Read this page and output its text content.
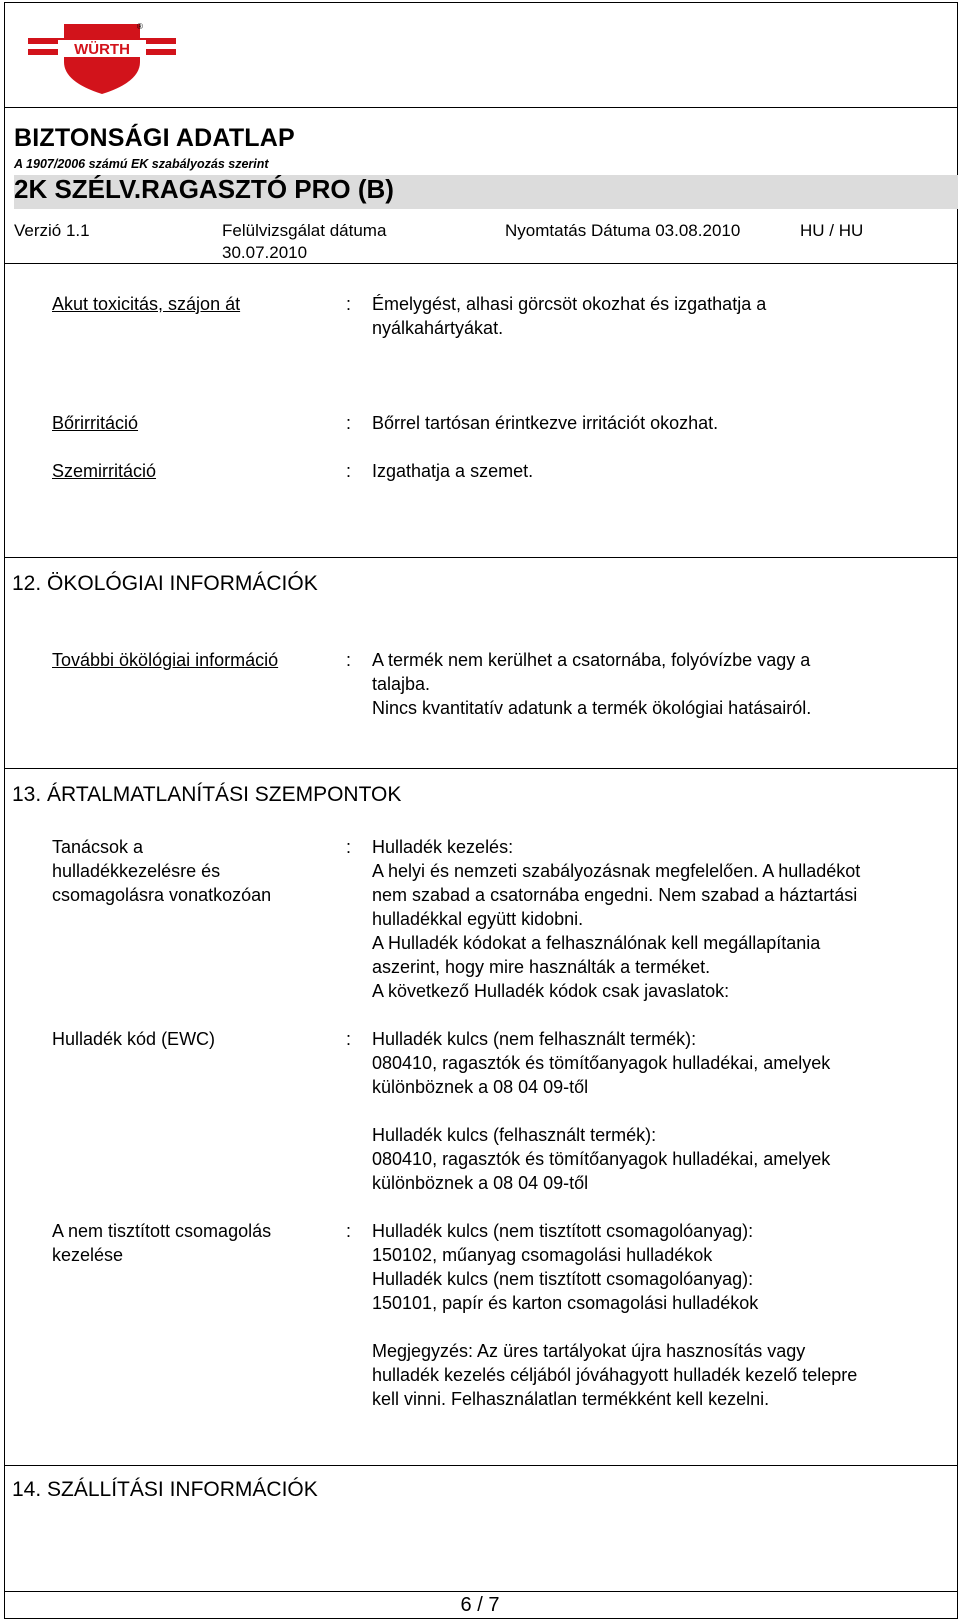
WÜRTH
®
BIZTONSÁGI ADATLAP
A 1907/2006 számú EK szabályozás szerint
2K SZÉLV.RAGASZTÓ PRO (B)
Verzió 1.1	Felülvizsgálat dátuma
30.07.2010
Nyomtatás Dátuma 03.08.2010	HU / HU
Akut toxicitás, szájon át	: Émelygést, alhasi görcsöt okozhat és izgathatja a
nyálkahártyákat.
Bőrirritáció	: Bőrrel tartósan érintkezve irritációt okozhat.
Szemirritáció	: Izgathatja a szemet.
12. ÖKOLÓGIAI INFORMÁCIÓK
További ökölógiai információ	: A termék nem kerülhet a csatornába, folyóvízbe vagy a
talajba.
Nincs kvantitatív adatunk a termék ökológiai hatásairól.
13. ÁRTALMATLANÍTÁSI SZEMPONTOK
Tanácsok a
hulladékkezelésre és
csomagolásra vonatkozóan
: Hulladék kezelés:
A helyi és nemzeti szabályozásnak megfelelően. A hulladékot
nem szabad a csatornába engedni. Nem szabad a háztartási
hulladékkal együtt kidobni.
A Hulladék kódokat a felhasználónak kell megállapítania
aszerint, hogy mire használták a terméket.
A következő Hulladék kódok csak javaslatok:
Hulladék kód (EWC)	: Hulladék kulcs (nem felhasznált termék):
080410, ragasztók és tömítőanyagok hulladékai, amelyek
különböznek a 08 04 09-től
Hulladék kulcs (felhasznált termék):
080410, ragasztók és tömítőanyagok hulladékai, amelyek
különböznek a 08 04 09-től
A nem tisztított csomagolás
kezelése
: Hulladék kulcs (nem tisztított csomagolóanyag):
150102, műanyag csomagolási hulladékok
Hulladék kulcs (nem tisztított csomagolóanyag):
150101, papír és karton csomagolási hulladékok
Megjegyzés: Az üres tartályokat újra hasznosítás vagy
hulladék kezelés céljából jóváhagyott hulladék kezelő telepre
kell vinni. Felhasználatlan termékként kell kezelni.
14. SZÁLLÍTÁSI INFORMÁCIÓK
6 / 7
